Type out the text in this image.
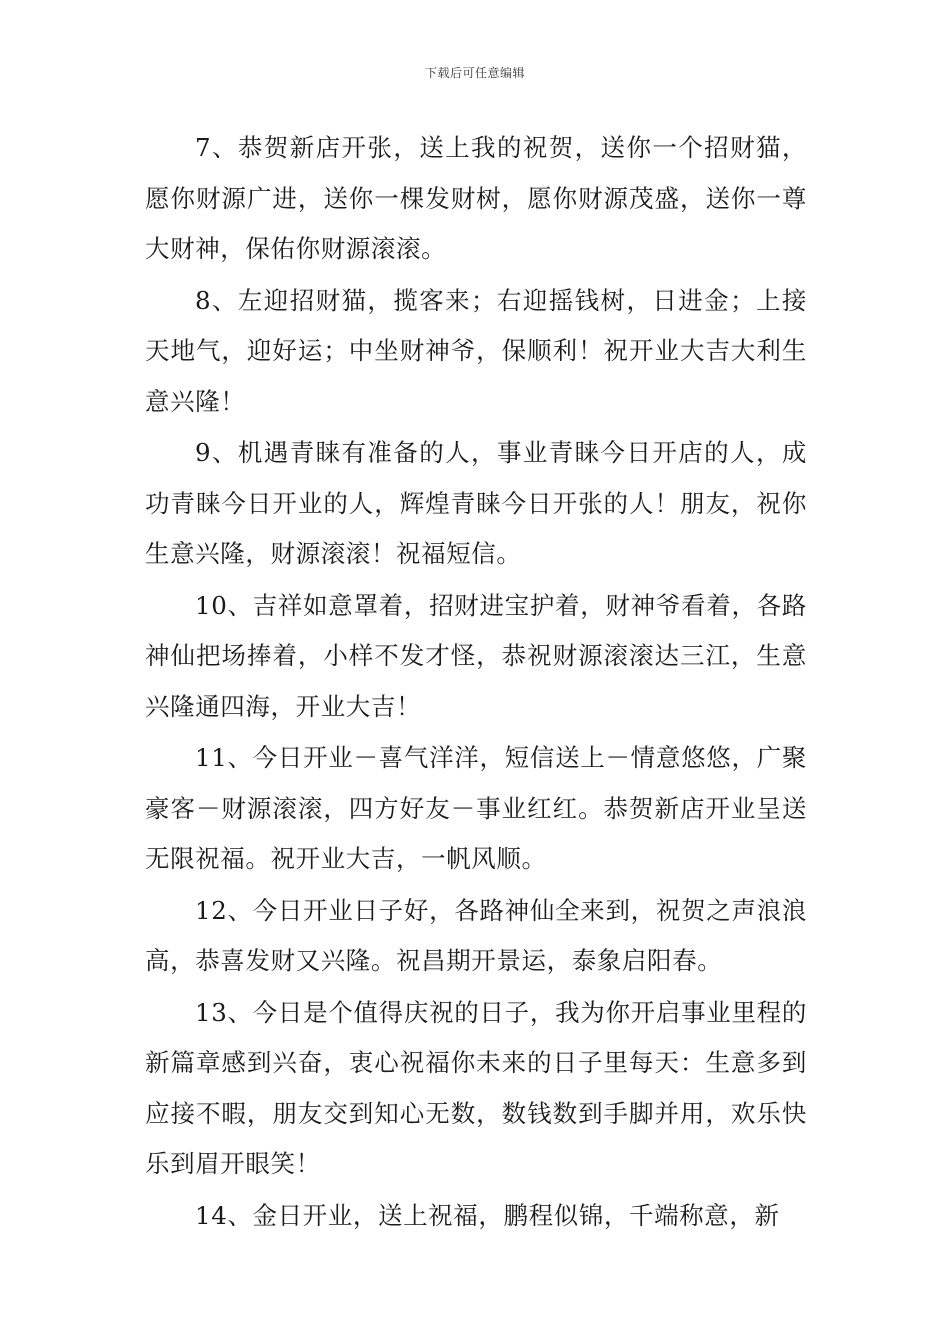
下载后可任意编辑

7、恭贺新店开张，送上我的祝贺，送你一个招财猫，愿你财源广进，送你一棵发财树，愿你财源茂盛，送你一尊大财神，保佑你财源滚滚。

8、左迎招财猫，揽客来；右迎摇钱树，日进金；上接天地气，迎好运；中坐财神爷，保顺利！祝开业大吉大利生意兴隆！

9、机遇青睐有准备的人，事业青睐今日开店的人，成功青睐今日开业的人，辉煌青睐今日开张的人！朋友，祝你生意兴隆，财源滚滚！祝福短信。

10、吉祥如意罩着，招财进宝护着，财神爷看着，各路神仙把场捧着，小样不发才怪，恭祝财源滚滚达三江，生意兴隆通四海，开业大吉！

11、今日开业－喜气洋洋，短信送上－情意悠悠，广聚豪客－财源滚滚，四方好友－事业红红。恭贺新店开业呈送无限祝福。祝开业大吉，一帆风顺。

12、今日开业日子好，各路神仙全来到，祝贺之声浪浪高，恭喜发财又兴隆。祝昌期开景运，泰象启阳春。

13、今日是个值得庆祝的日子，我为你开启事业里程的新篇章感到兴奋，衷心祝福你未来的日子里每天：生意多到应接不暇，朋友交到知心无数，数钱数到手脚并用，欢乐快乐到眉开眼笑！

14、金日开业，送上祝福，鹏程似锦，千端称意，新
